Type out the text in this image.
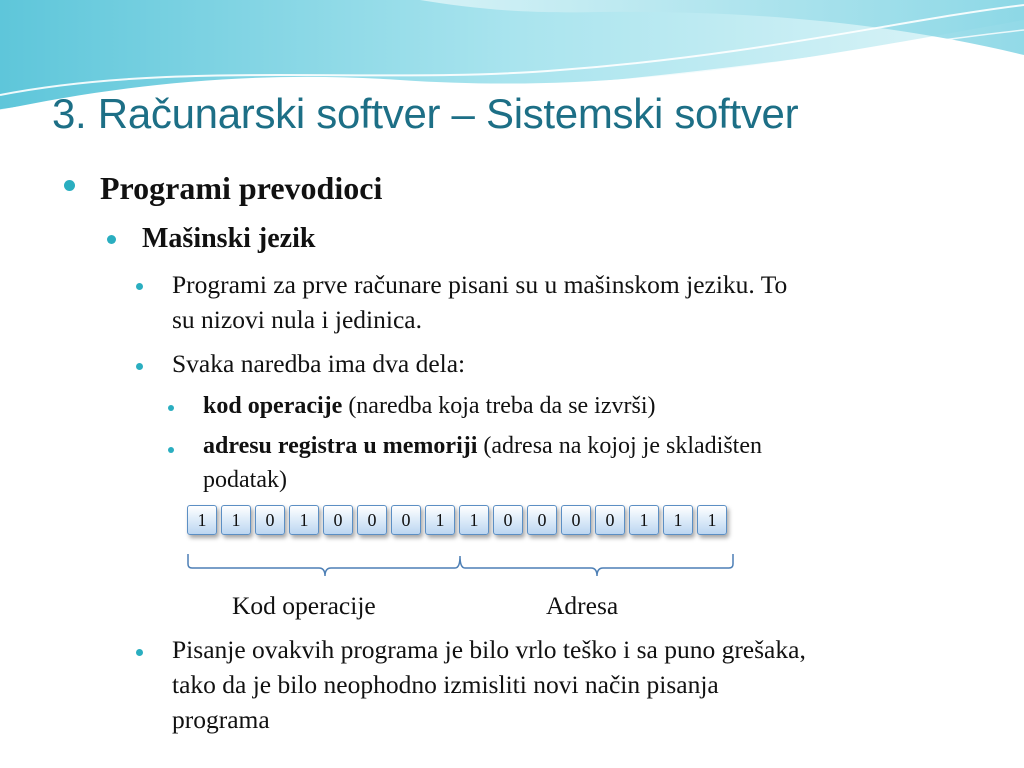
3. Računarski softver – Sistemski softver
Programi prevodioci
Mašinski jezik
Programi za prve računare pisani su u mašinskom jeziku. To
su nizovi nula i jedinica.
Svaka naredba ima dva dela:
kod operacije (naredba koja treba da se izvrši)
adresu registra u memoriji (adresa na kojoj je skladišten
podatak)
1	1	0	1	0	0	0	1	1	0	0	0	0	1	1	1
Kod operacije	Adresa
Pisanje ovakvih programa je bilo vrlo teško i sa puno grešaka,
tako da je bilo neophodno izmisliti novi način pisanja
programa
